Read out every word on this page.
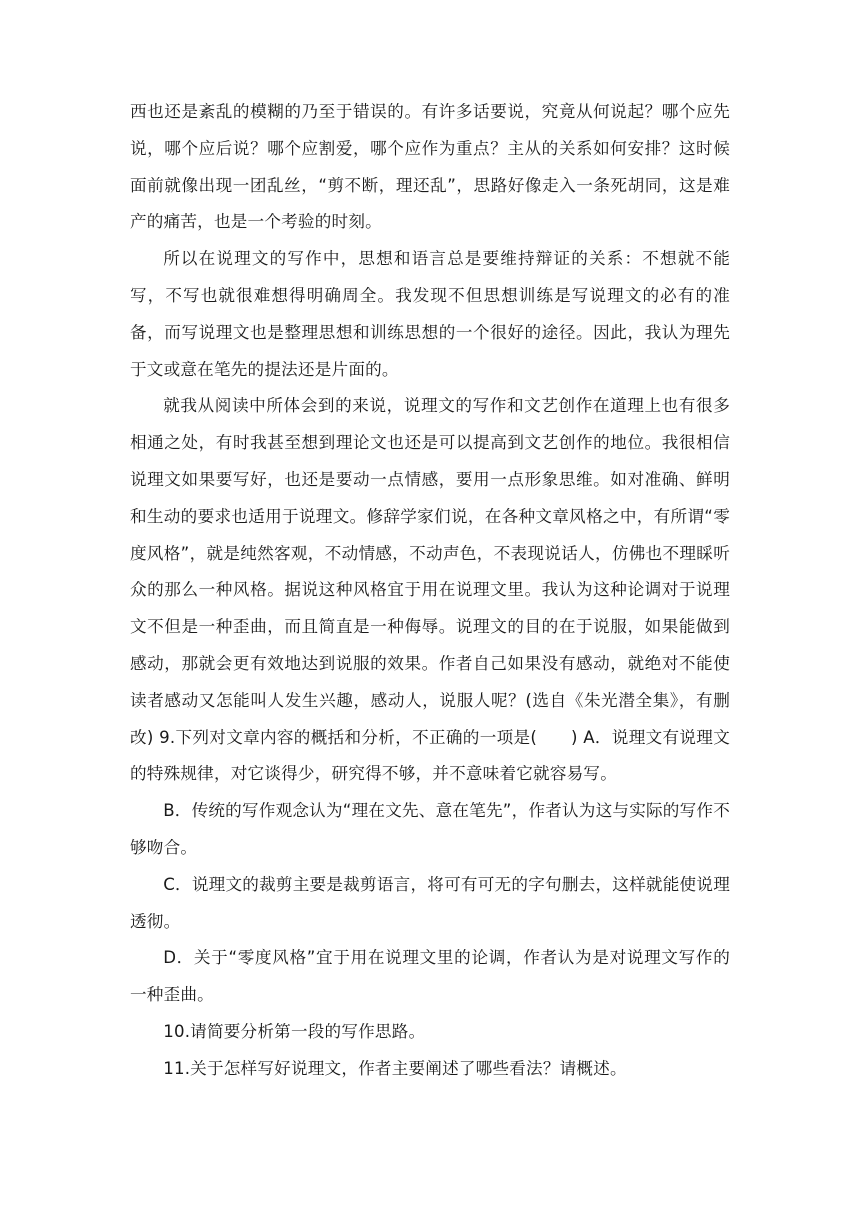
西也还是紊乱的模糊的乃至于错误的。有许多话要说，究竟从何说起？哪个应先说，哪个应后说？哪个应割爱，哪个应作为重点？主从的关系如何安排？这时候面前就像出现一团乱丝，“剪不断，理还乱”，思路好像走入一条死胡同，这是难产的痛苦，也是一个考验的时刻。

所以在说理文的写作中，思想和语言总是要维持辩证的关系：不想就不能写，不写也就很难想得明确周全。我发现不但思想训练是写说理文的必有的准备，而写说理文也是整理思想和训练思想的一个很好的途径。因此，我认为理先于文或意在笔先的提法还是片面的。

就我从阅读中所体会到的来说，说理文的写作和文艺创作在道理上也有很多相通之处，有时我甚至想到理论文也还是可以提高到文艺创作的地位。我很相信说理文如果要写好，也还是要动一点情感，要用一点形象思维。如对准确、鲜明和生动的要求也适用于说理文。修辞学家们说，在各种文章风格之中，有所谓“零度风格”，就是纯然客观，不动情感，不动声色，不表现说话人，仿佛也不理睬听众的那么一种风格。据说这种风格宜于用在说理文里。我认为这种论调对于说理文不但是一种歪曲，而且简直是一种侮辱。说理文的目的在于说服，如果能做到感动，那就会更有效地达到说服的效果。作者自己如果没有感动，就绝对不能使读者感动又怎能叫人发生兴趣，感动人，说服人呢？(选自《朱光潜全集》，有删改) 9.下列对文章内容的概括和分析，不正确的一项是(　　) A．说理文有说理文的特殊规律，对它谈得少，研究得不够，并不意味着它就容易写。

B．传统的写作观念认为“理在文先、意在笔先”，作者认为这与实际的写作不够吻合。

C．说理文的裁剪主要是裁剪语言，将可有可无的字句删去，这样就能使说理透彻。

D．关于“零度风格”宜于用在说理文里的论调，作者认为是对说理文写作的一种歪曲。

10.请简要分析第一段的写作思路。

11.关于怎样写好说理文，作者主要阐述了哪些看法？请概述。
